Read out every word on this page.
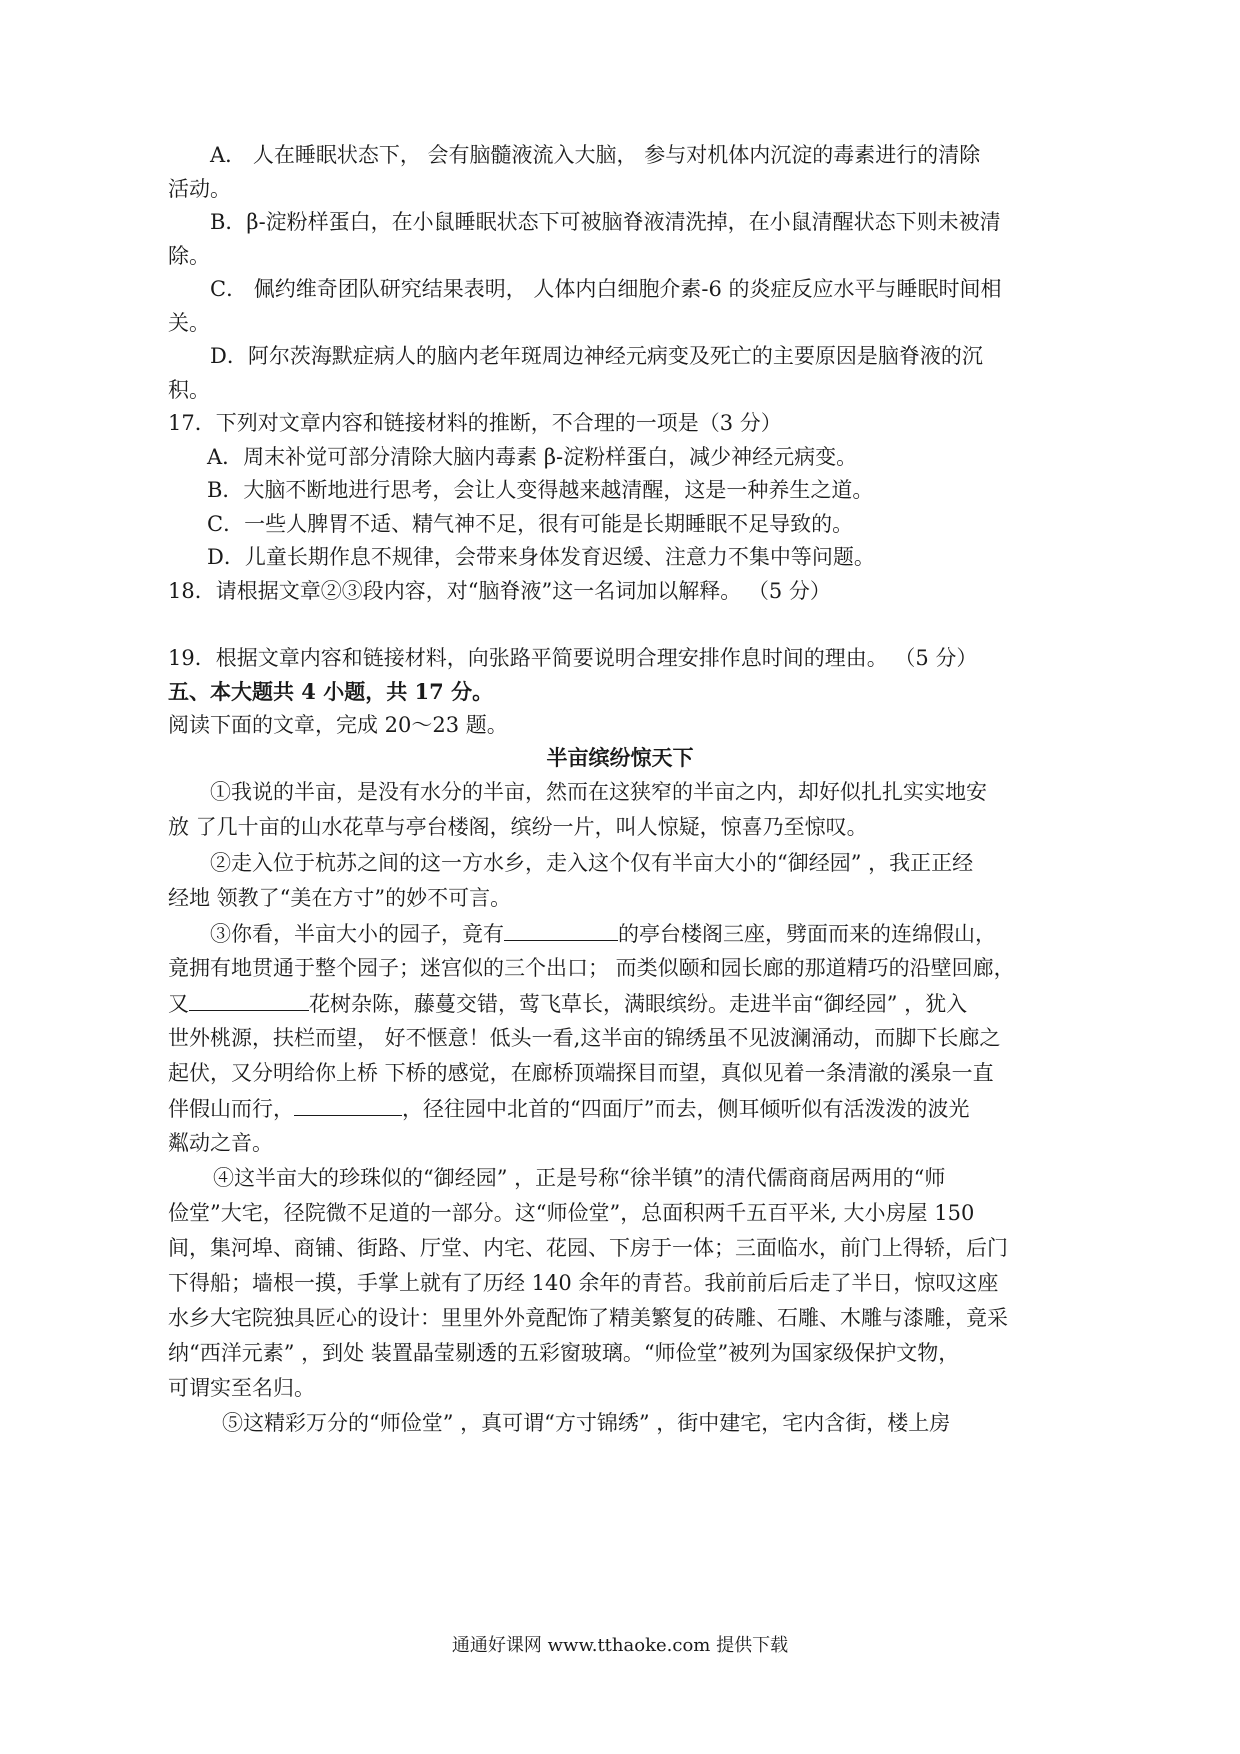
A． 人在睡眠状态下， 会有脑髓液流入大脑， 参与对机体内沉淀的毒素进行的清除
活动。
B．β-淀粉样蛋白，在小鼠睡眠状态下可被脑脊液清洗掉，在小鼠清醒状态下则未被清
除。
C． 佩约维奇团队研究结果表明， 人体内白细胞介素-6 的炎症反应水平与睡眠时间相
关。
D．阿尔茨海默症病人的脑内老年斑周边神经元病变及死亡的主要原因是脑脊液的沉
积。
17．下列对文章内容和链接材料的推断，不合理的一项是（3 分）
A．周末补觉可部分清除大脑内毒素 β-淀粉样蛋白，减少神经元病变。
B．大脑不断地进行思考，会让人变得越来越清醒，这是一种养生之道。
C．一些人脾胃不适、精气神不足，很有可能是长期睡眠不足导致的。
D．儿童长期作息不规律，会带来身体发育迟缓、注意力不集中等问题。
18．请根据文章②③段内容，对“脑脊液”这一名词加以解释。 （5 分）
19．根据文章内容和链接材料，向张路平简要说明合理安排作息时间的理由。 （5 分）
五、本大题共 4 小题，共 17 分。
阅读下面的文章，完成 20～23 题。
半亩缤纷惊天下
①我说的半亩，是没有水分的半亩，然而在这狭窄的半亩之内，却好似扎扎实实地安
放 了几十亩的山水花草与亭台楼阁，缤纷一片，叫人惊疑，惊喜乃至惊叹。
②走入位于杭苏之间的这一方水乡，走入这个仅有半亩大小的“御经园” ，我正正经
经地 领教了“美在方寸”的妙不可言。
③你看，半亩大小的园子，竟有	的亭台楼阁三座，劈面而来的连绵假山，
竟拥有地贯通于整个园子；迷宫似的三个出口； 而类似颐和园长廊的那道精巧的沿壁回廊，
又	花树杂陈，藤蔓交错，莺飞草长，满眼缤纷。走进半亩“御经园” ，犹入
世外桃源，扶栏而望， 好不惬意！低头一看,这半亩的锦绣虽不见波澜涌动，而脚下长廊之
起伏，又分明给你上桥 下桥的感觉，在廊桥顶端探目而望，真似见着一条清澈的溪泉一直
伴假山而行，	，径往园中北首的“四面厅”而去，侧耳倾听似有活泼泼的波光
粼动之音。
④这半亩大的珍珠似的“御经园” ，正是号称“徐半镇”的清代儒商商居两用的“师
俭堂”大宅，径院微不足道的一部分。这“师俭堂”，总面积两千五百平米, 大小房屋 150
间，集河埠、商铺、街路、厅堂、内宅、花园、下房于一体；三面临水，前门上得轿，后门
下得船；墙根一摸，手掌上就有了历经 140 余年的青苔。我前前后后走了半日，惊叹这座
水乡大宅院独具匠心的设计：里里外外竟配饰了精美繁复的砖雕、石雕、木雕与漆雕，竟采
纳“西洋元素” ，到处 装置晶莹剔透的五彩窗玻璃。“师俭堂”被列为国家级保护文物，
可谓实至名归。
⑤这精彩万分的“师俭堂” ，真可谓“方寸锦绣” ，街中建宅，宅内含街，楼上房
通通好课网 www.tthaoke.com 提供下载
